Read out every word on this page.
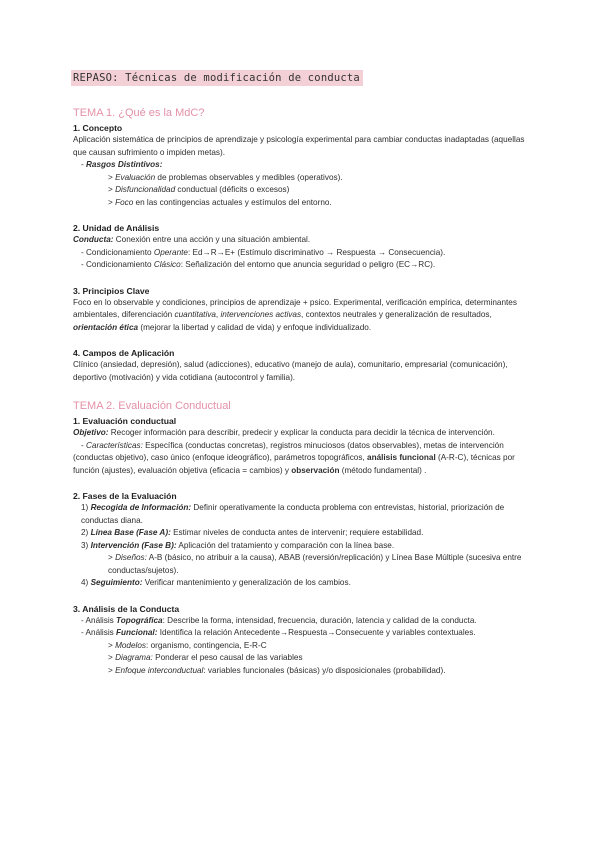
REPASO: Técnicas de modificación de conducta
TEMA 1. ¿Qué es la MdC?
1. Concepto

Aplicación sistemática de principios de aprendizaje y psicología experimental para cambiar conductas inadaptadas (aquellas que causan sufrimiento o impiden metas).

- Rasgos Distintivos:
> Evaluación de problemas observables y medibles (operativos).
> Disfuncionalidad conductual (déficits o excesos)
> Foco en las contingencias actuales y estímulos del entorno.
2. Unidad de Análisis
Conducta: Conexión entre una acción y una situación ambiental.
- Condicionamiento Operante: Ed→R→E+ (Estímulo discriminativo → Respuesta → Consecuencia).
- Condicionamiento Clásico: Señalización del entorno que anuncia seguridad o peligro (EC→RC).
3. Principios Clave

Foco en lo observable y condiciones, principios de aprendizaje + psico. Experimental, verificación empírica, determinantes ambientales, diferenciación cuantitativa, intervenciones activas, contextos neutrales y generalización de resultados, orientación ética (mejorar la libertad y calidad de vida) y enfoque individualizado.

4. Campos de Aplicación

Clínico (ansiedad, depresión), salud (adicciones), educativo (manejo de aula), comunitario, empresarial (comunicación), deportivo (motivación) y vida cotidiana (autocontrol y familia).

TEMA 2. Evaluación Conductual
1. Evaluación conductual

Objetivo: Recoger información para describir, predecir y explicar la conducta para decidir la técnica de intervención.

- Características: Específica (conductas concretas), registros minuciosos (datos observables), metas de intervención (conductas objetivo), caso único (enfoque ideográfico), parámetros topográficos, análisis funcional (A-R-C), técnicas por función (ajustes), evaluación objetiva (eficacia = cambios) y observación (método fundamental) .

2. Fases de la Evaluación
1) Recogida de Información: Definir operativamente la conducta problema con entrevistas, historial, priorización de conductas diana.
2) Línea Base (Fase A): Estimar niveles de conducta antes de intervenir; requiere estabilidad.
3) Intervención (Fase B): Aplicación del tratamiento y comparación con la línea base.
> Diseños: A-B (básico, no atribuir a la causa), ABAB (reversión/replicación) y Línea Base Múltiple (sucesiva entre conductas/sujetos).
4) Seguimiento: Verificar mantenimiento y generalización de los cambios.
3. Análisis de la Conducta
- Análisis Topográfica: Describe la forma, intensidad, frecuencia, duración, latencia y calidad de la conducta.
- Análisis Funcional: Identifica la relación Antecedente→Respuesta→Consecuente y variables contextuales.
> Modelos: organismo, contingencia, E-R-C
> Diagrama: Ponderar el peso causal de las variables
> Enfoque interconductual: variables funcionales (básicas) y/o disposicionales (probabilidad).
